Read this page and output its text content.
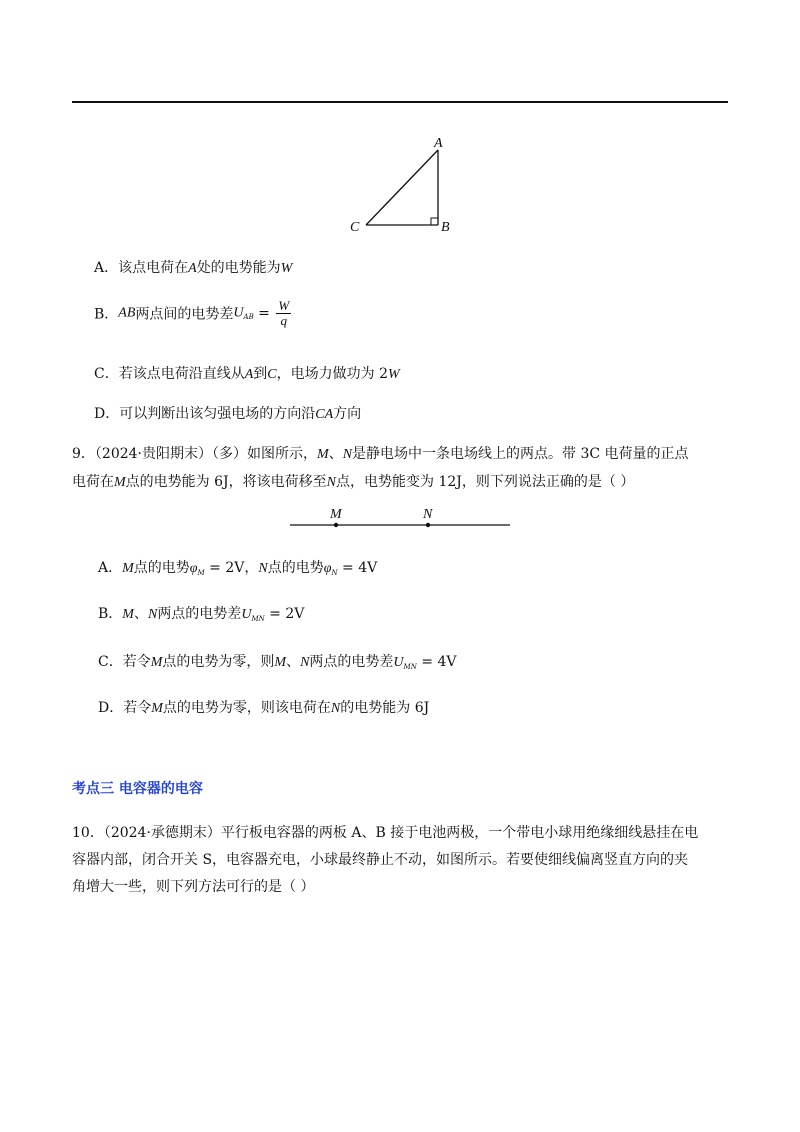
A
B
C
A．该点电荷在A处的电势能为W
B．AB两点间的电势差$U_{AB} = \frac{W}{q}$
C．若该点电荷沿直线从A到C，电场力做功为 2W
D．可以判断出该匀强电场的方向沿CA方向
9．（2024·贵阳期末）（多）如图所示，M、N是静电场中一条电场线上的两点。带 3C 电荷量的正点
电荷在M点的电势能为 6J，将该电荷移至N点，电势能变为 12J，则下列说法正确的是（ ）
M	N
A．M点的电势$\varphi_M = 2V$，N点的电势$\varphi_N = 4V$
B．M、N两点的电势差$U_{MN} = 2V$
C．若令M点的电势为零，则M、N两点的电势差$U_{MN} = 4V$
D．若令M点的电势为零，则该电荷在N的电势能为 6J
考点三 电容器的电容
10．（2024·承德期末）平行板电容器的两板 A、B 接于电池两极，一个带电小球用绝缘细线悬挂在电
容器内部，闭合开关 S，电容器充电，小球最终静止不动，如图所示。若要使细线偏离竖直方向的夹
角增大一些，则下列方法可行的是（ ）
